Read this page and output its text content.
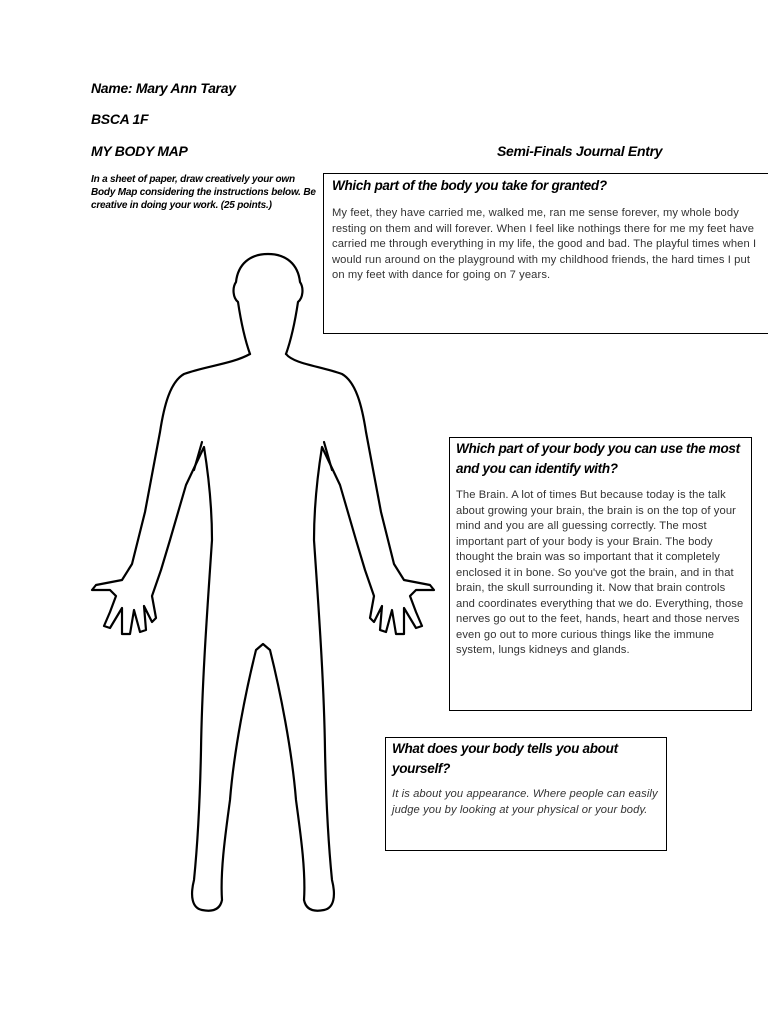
Name: Mary Ann Taray
BSCA 1F
MY BODY MAP	Semi-Finals Journal Entry
In a sheet of paper, draw creatively your own Body Map considering the instructions below. Be creative in doing your work. (25 points.)

Which part of the body you take for granted?

My feet, they have carried me, walked me, ran me sense forever, my whole body resting on them and will forever. When I feel like nothings there for me my feet have carried me through everything in my life, the good and bad. The playful times when I would run around on the playground with my childhood friends, the hard times I put on my feet with dance for going on 7 years.

Which part of your body you can use the most and you can identify with?

The Brain. A lot of times But because today is the talk about growing your brain, the brain is on the top of your mind and you are all guessing correctly. The most important part of your body is your Brain. The body thought the brain was so important that it completely enclosed it in bone. So you've got the brain, and in that brain, the skull surrounding it. Now that brain controls and coordinates everything that we do. Everything, those nerves go out to the feet, hands, heart and those nerves even go out to more curious things like the immune system, lungs kidneys and glands.

What does your body tells you about yourself?

It is about you appearance. Where people can easily judge you by looking at your physical or your body.
